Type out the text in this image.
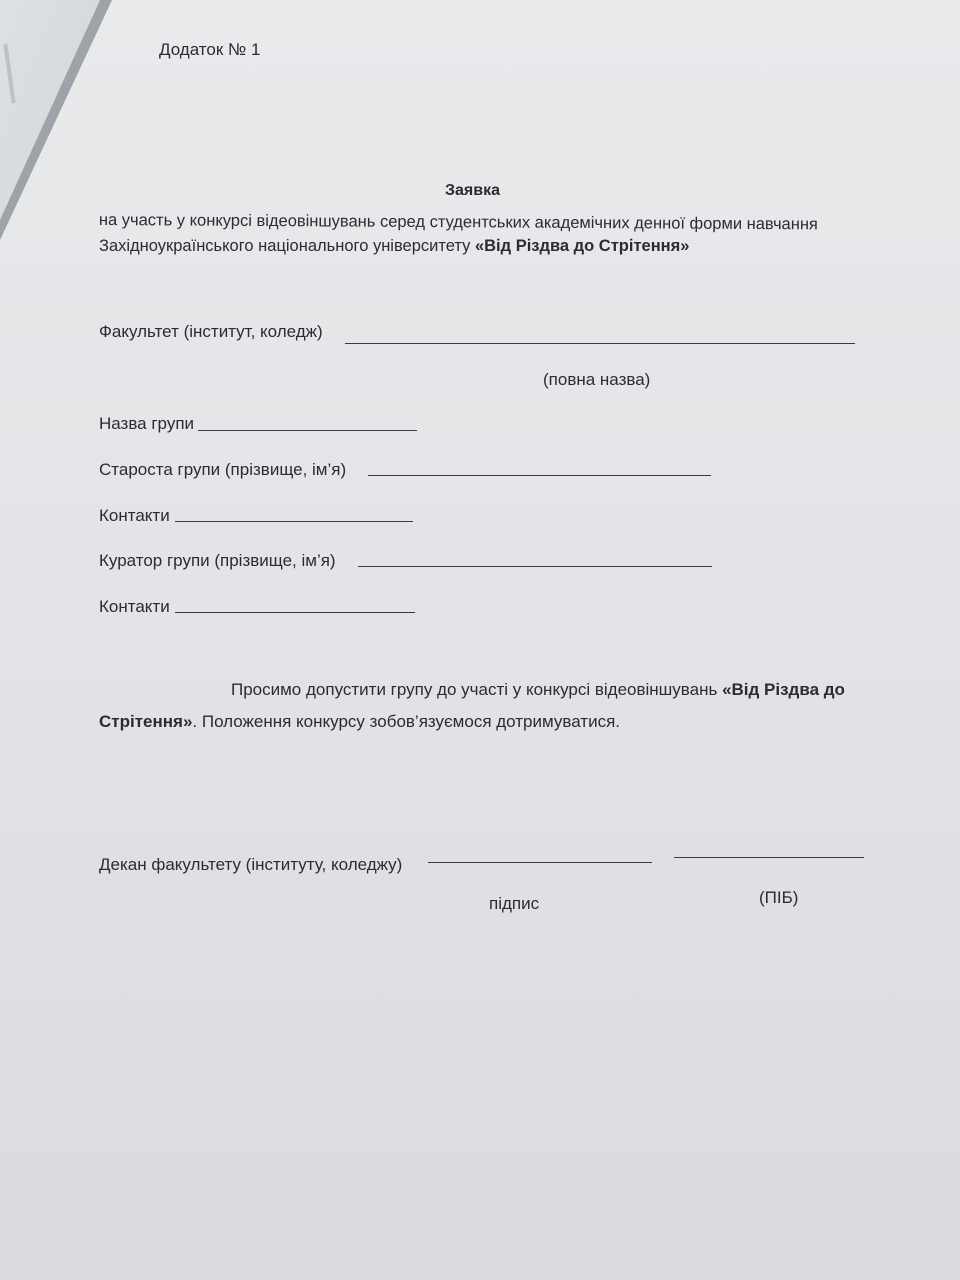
Додаток № 1
Заявка
на участь у конкурсі відеовіншувань серед студентських академічних денної форми навчання
Західноукраїнського національного університету «Від Різдва до Стрітення»
Факультет (інститут, коледж)
(повна назва)
Назва групи
Староста групи (прізвище, ім’я)
Контакти
Куратор групи (прізвище, ім’я)
Контакти
Просимо допустити групу до участі у конкурсі відеовіншувань «Від Різдва до
Стрітення». Положення конкурсу зобов’язуємося дотримуватися.
Декан факультету (інституту, коледжу)
підпис	(ПІБ)
